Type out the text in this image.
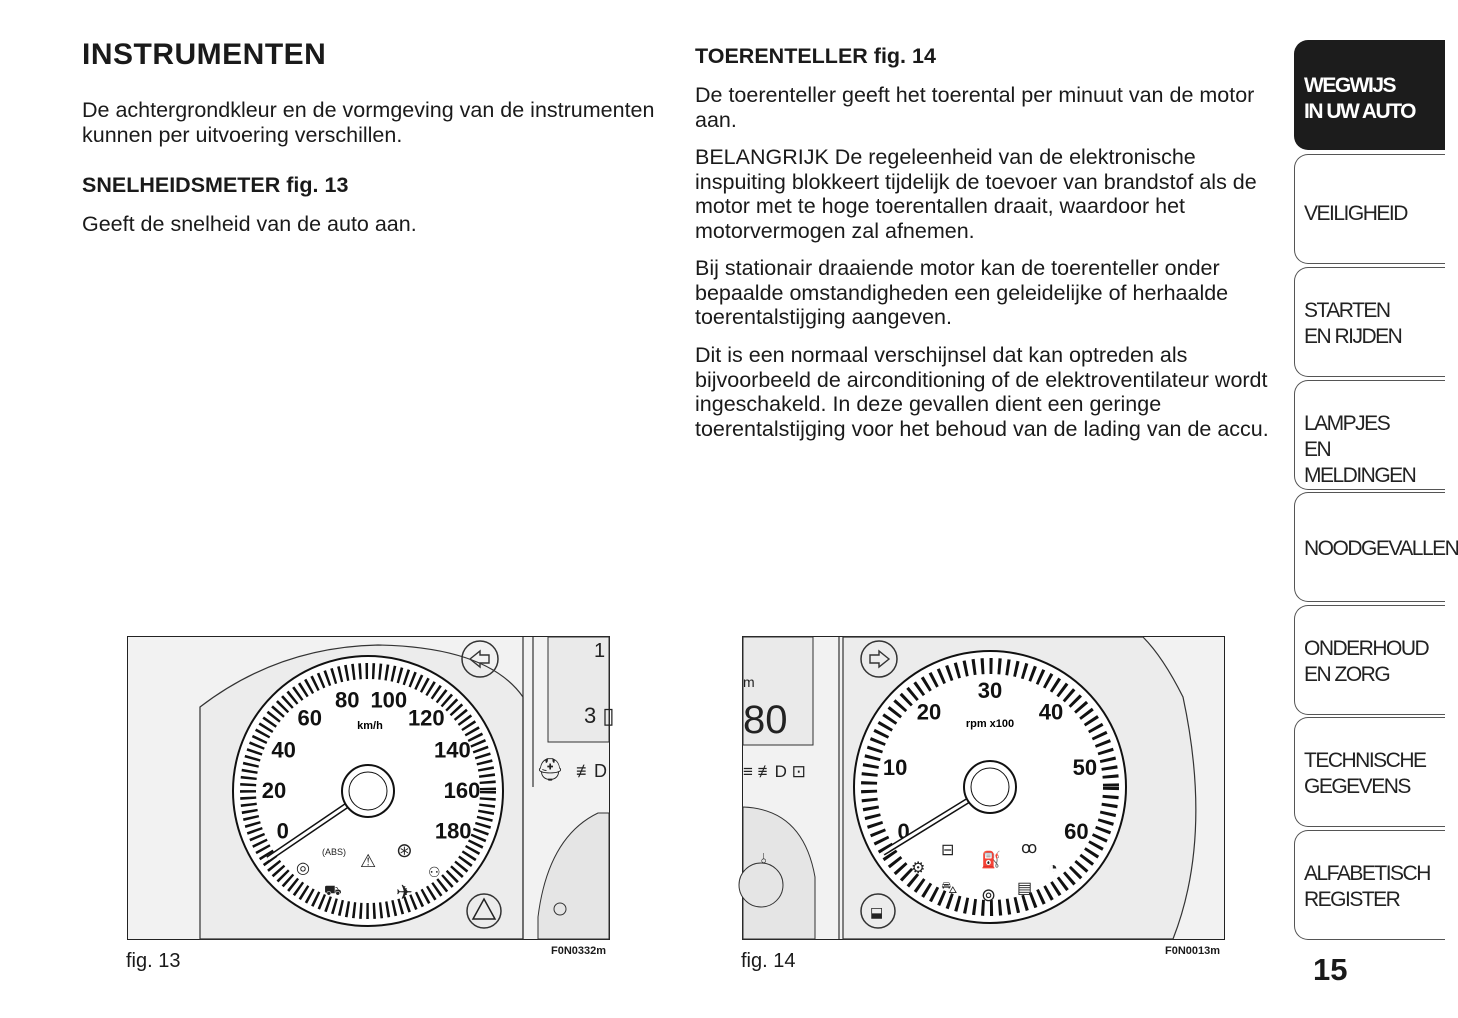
INSTRUMENTEN

De achtergrondkleur en de vormgeving van de instrumenten kunnen per uitvoering verschillen.

SNELHEIDSMETER fig. 13

Geeft de snelheid van de auto aan.

TOERENTELLER fig. 14

De toerenteller geeft het toerental per minuut van de motor aan.

BELANGRIJK De regeleenheid van de elektronische inspuiting blokkeert tijdelijk de toevoer van brandstof als de motor met te hoge toerentallen draait, waardoor het motorvermogen zal afnemen.

Bij stationair draaiende motor kan de toerenteller onder bepaalde omstandigheden een geleidelijke of herhaalde toerentalstijging aangeven.

Dit is een normaal verschijnsel dat kan optreden als bijvoorbeeld de airconditioning of de elektroventilateur wordt ingeschakeld. In deze gevallen dient een geringe toerentalstijging voor het behoud van de lading van de accu.

1
3 ▯
⛑ ≢D
0
20
40
60
80 100
120
140
160
180
km/h
◎
(ABS) ⚠ ⊛
✈
⚇
⛟
fig. 13	F0N0332m
m
80
≡ ≢D ⊡
⫰
⬓
0
10
20
30
40
50
60
rpm x100
⚙
⊟
⛽
ꝏ
◔
⛍ ⊚ ▤
fig. 14	F0N0013m
WEGWIJS
IN UW AUTO
VEILIGHEID
STARTEN
EN RIJDEN
LAMPJES
EN MELDINGEN
NOODGEVALLEN
ONDERHOUD
EN ZORG
TECHNISCHE
GEGEVENS
ALFABETISCH
REGISTER
15
